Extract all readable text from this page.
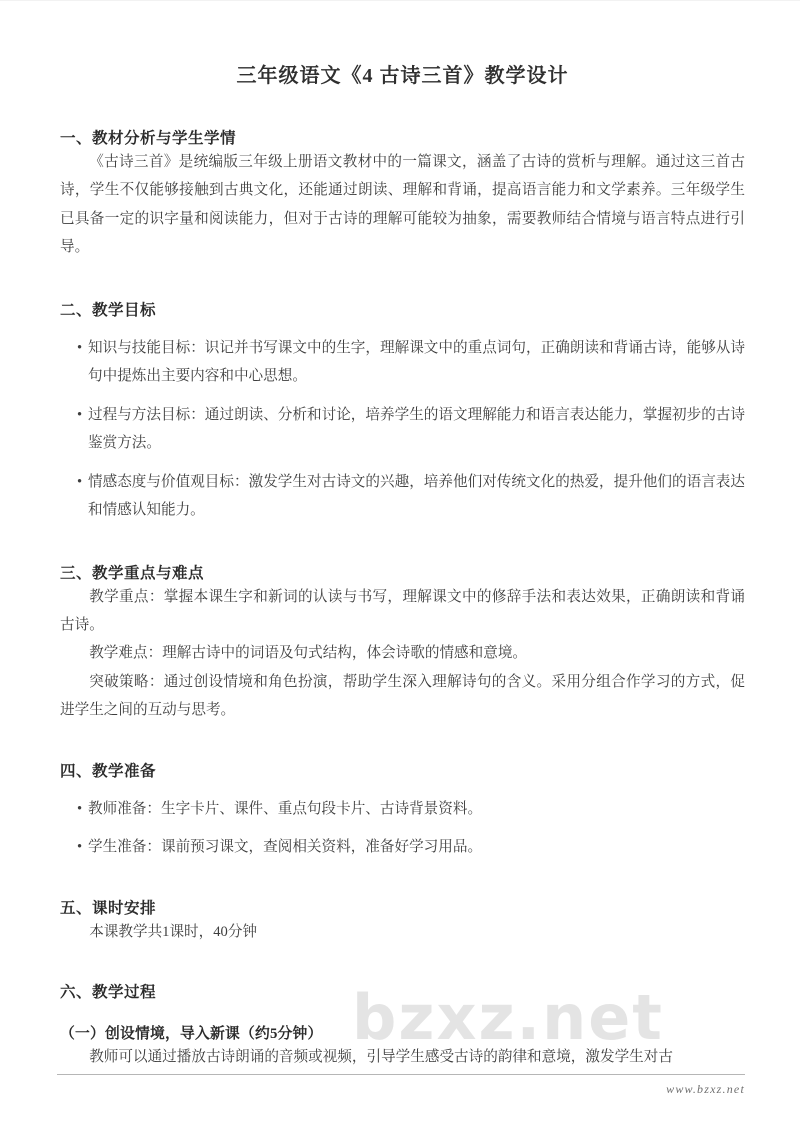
bzxz.net
三年级语文《4 古诗三首》教学设计
一、教材分析与学生学情

《古诗三首》是统编版三年级上册语文教材中的一篇课文，涵盖了古诗的赏析与理解。通过这三首古诗，学生不仅能够接触到古典文化，还能通过朗读、理解和背诵，提高语言能力和文学素养。三年级学生已具备一定的识字量和阅读能力，但对于古诗的理解可能较为抽象，需要教师结合情境与语言特点进行引导。

二、教学目标
• 知识与技能目标：识记并书写课文中的生字，理解课文中的重点词句，正确朗读和背诵古诗，能够从诗句中提炼出主要内容和中心思想。
• 过程与方法目标：通过朗读、分析和讨论，培养学生的语文理解能力和语言表达能力，掌握初步的古诗鉴赏方法。
• 情感态度与价值观目标：激发学生对古诗文的兴趣，培养他们对传统文化的热爱，提升他们的语言表达和情感认知能力。
三、教学重点与难点

教学重点：掌握本课生字和新词的认读与书写，理解课文中的修辞手法和表达效果，正确朗读和背诵古诗。

教学难点：理解古诗中的词语及句式结构，体会诗歌的情感和意境。

突破策略：通过创设情境和角色扮演，帮助学生深入理解诗句的含义。采用分组合作学习的方式，促进学生之间的互动与思考。

四、教学准备
• 教师准备：生字卡片、课件、重点句段卡片、古诗背景资料。
• 学生准备：课前预习课文，查阅相关资料，准备好学习用品。
五、课时安排

本课教学共1课时，40分钟

六、教学过程
（一）创设情境，导入新课（约5分钟）

教师可以通过播放古诗朗诵的音频或视频，引导学生感受古诗的韵律和意境，激发学生对古

www.bzxz.net
